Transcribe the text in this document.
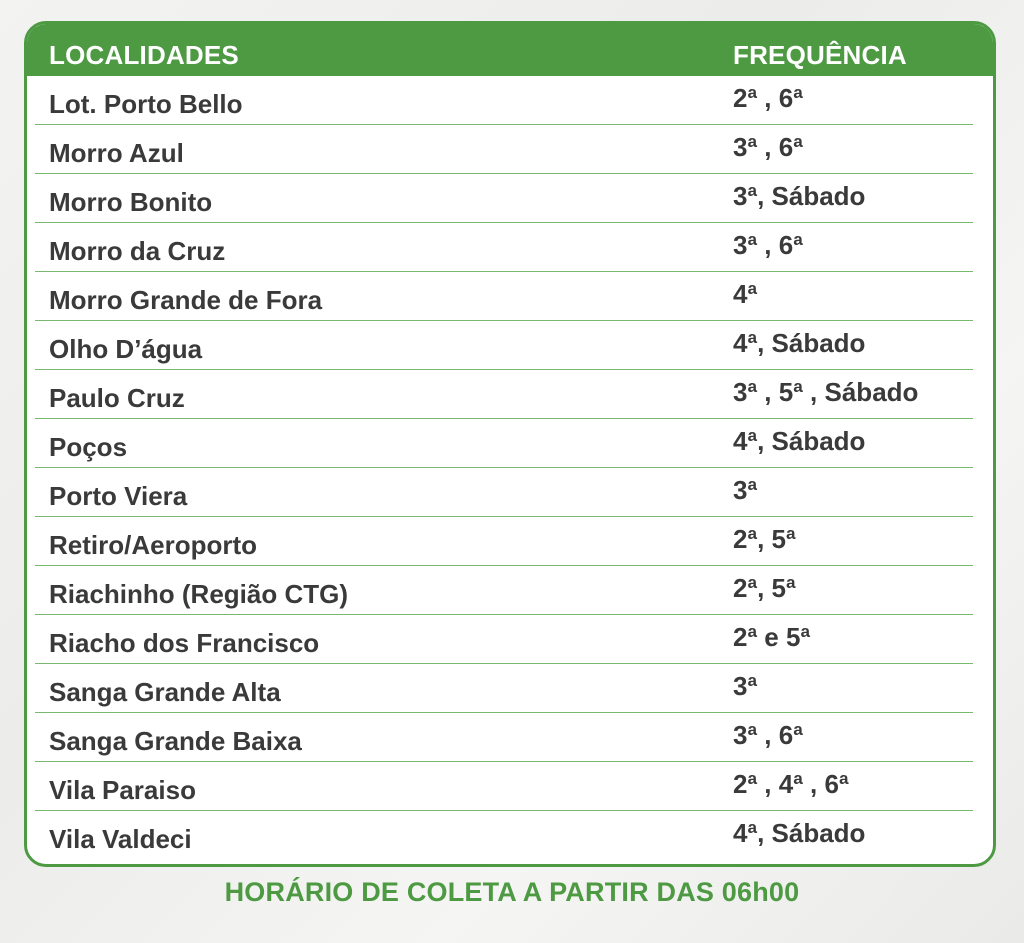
LOCALIDADES	FREQUÊNCIA
Lot. Porto Bello	2ª , 6ª
Morro Azul	3ª , 6ª
Morro Bonito	3ª, Sábado
Morro da Cruz	3ª , 6ª
Morro Grande de Fora	4ª
Olho D’água	4ª, Sábado
Paulo Cruz	3ª , 5ª , Sábado
Poços	4ª, Sábado
Porto Viera	3ª
Retiro/Aeroporto	2ª, 5ª
Riachinho (Região CTG)	2ª, 5ª
Riacho dos Francisco	2ª e 5ª
Sanga Grande Alta	3ª
Sanga Grande Baixa	3ª , 6ª
Vila Paraiso	2ª , 4ª , 6ª
Vila Valdeci	4ª, Sábado
HORÁRIO DE COLETA A PARTIR DAS 06h00
